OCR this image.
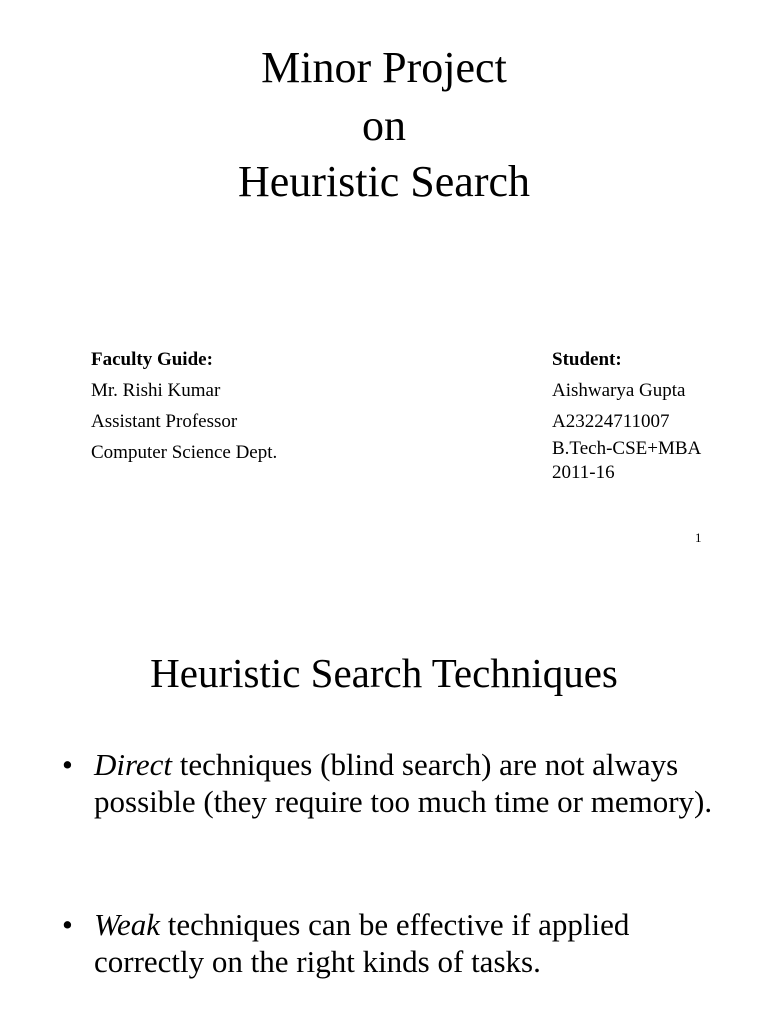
Minor Project
on
Heuristic Search
Faculty Guide:
Mr. Rishi Kumar
Assistant Professor
Computer Science Dept.
Student:
Aishwarya Gupta
A23224711007
B.Tech-CSE+MBA
2011-16
1
Heuristic Search Techniques
• Direct techniques (blind search) are not always possible (they require too much time or memory).
• Weak techniques can be effective if applied correctly on the right kinds of tasks.
